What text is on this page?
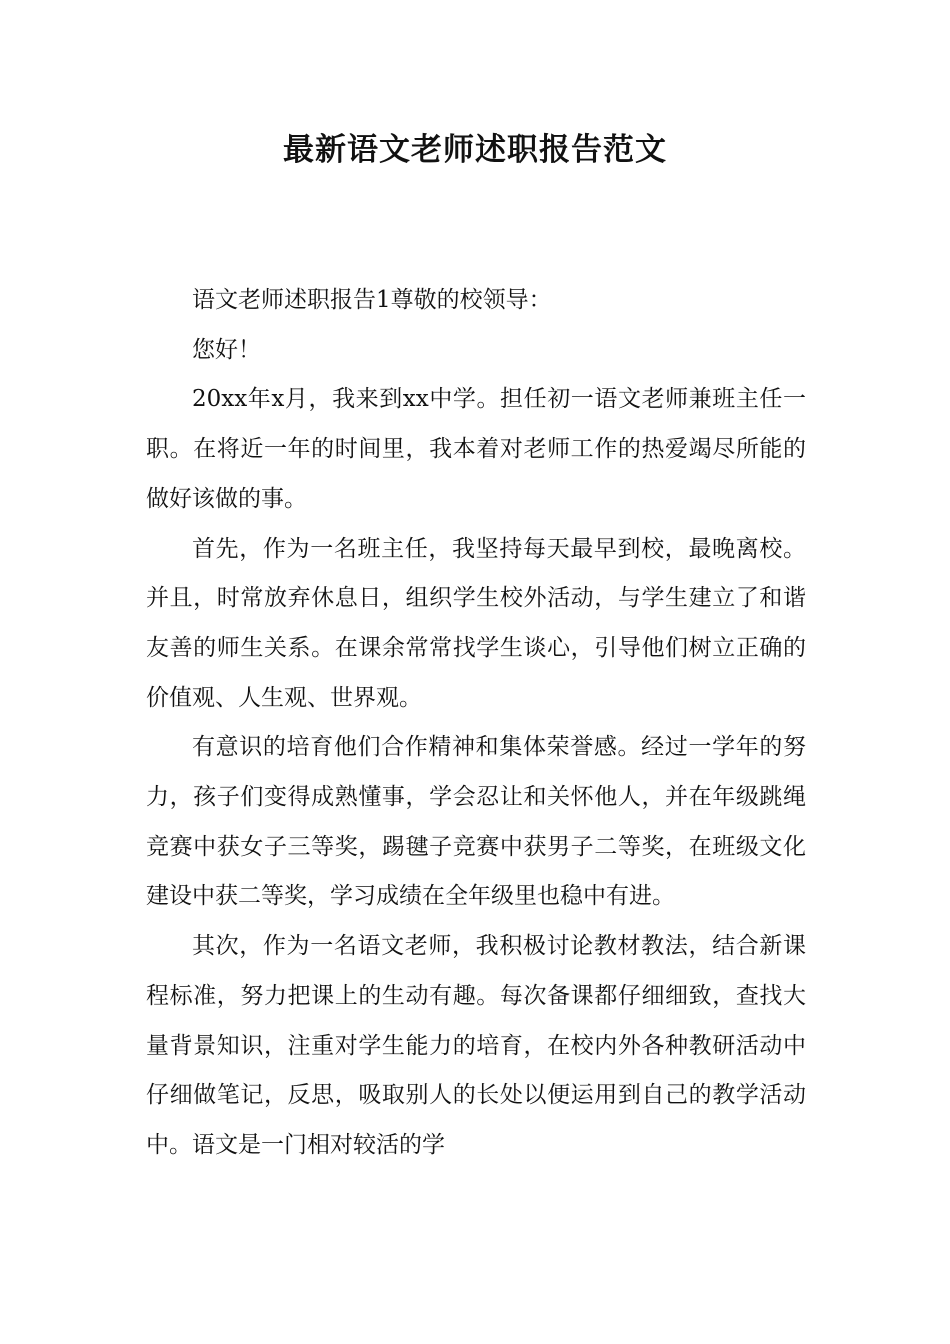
最新语文老师述职报告范文

语文老师述职报告1尊敬的校领导：

您好！

20xx年x月，我来到xx中学。担任初一语文老师兼班主任一职。在将近一年的时间里，我本着对老师工作的热爱竭尽所能的做好该做的事。

首先，作为一名班主任，我坚持每天最早到校，最晚离校。并且，时常放弃休息日，组织学生校外活动，与学生建立了和谐友善的师生关系。在课余常常找学生谈心，引导他们树立正确的价值观、人生观、世界观。

有意识的培育他们合作精神和集体荣誉感。经过一学年的努力，孩子们变得成熟懂事，学会忍让和关怀他人，并在年级跳绳竞赛中获女子三等奖，踢毽子竞赛中获男子二等奖，在班级文化建设中获二等奖，学习成绩在全年级里也稳中有进。

其次，作为一名语文老师，我积极讨论教材教法，结合新课程标准，努力把课上的生动有趣。每次备课都仔细细致，查找大量背景知识，注重对学生能力的培育，在校内外各种教研活动中仔细做笔记，反思，吸取别人的长处以便运用到自己的教学活动中。语文是一门相对较活的学
